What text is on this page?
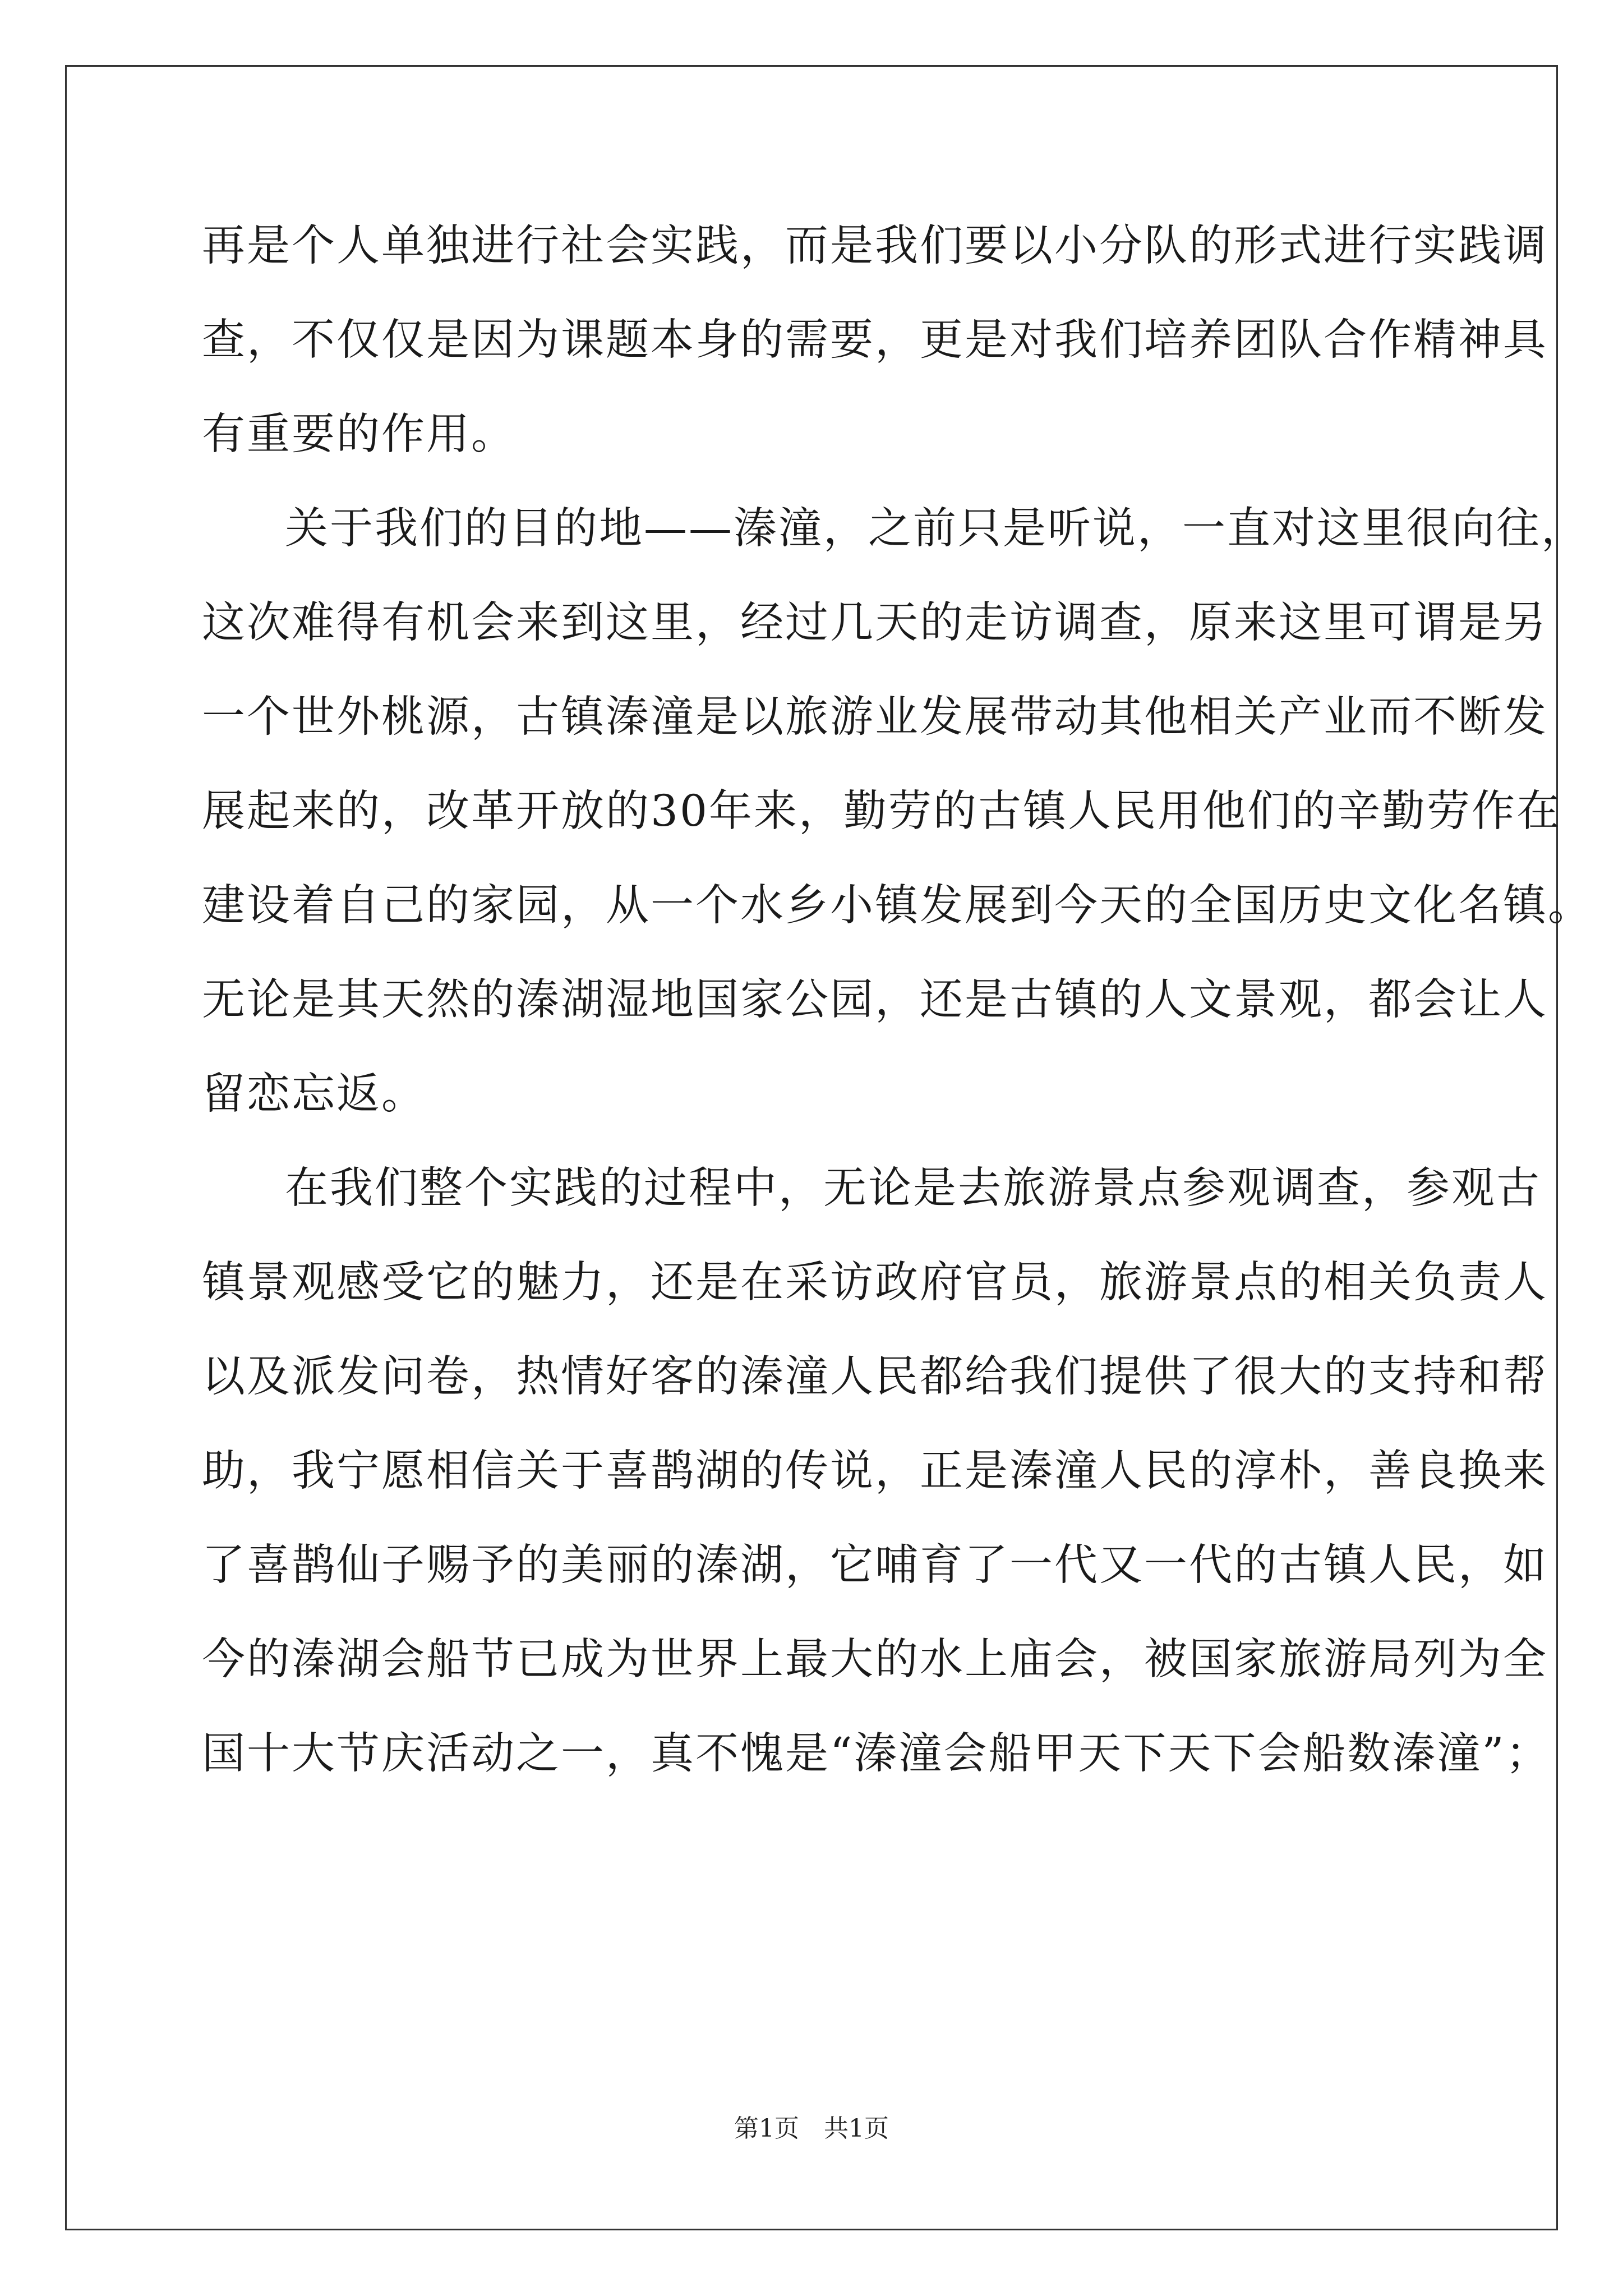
再是个人单独进行社会实践，而是我们要以小分队的形式进行实践调
查，不仅仅是因为课题本身的需要，更是对我们培养团队合作精神具
有重要的作用。
关于我们的目的地——溱潼，之前只是听说，一直对这里很向往，
这次难得有机会来到这里，经过几天的走访调查，原来这里可谓是另
一个世外桃源，古镇溱潼是以旅游业发展带动其他相关产业而不断发
展起来的，改革开放的30年来，勤劳的古镇人民用他们的辛勤劳作在
建设着自己的家园，从一个水乡小镇发展到今天的全国历史文化名镇。
无论是其天然的溱湖湿地国家公园，还是古镇的人文景观，都会让人
留恋忘返。
在我们整个实践的过程中，无论是去旅游景点参观调查，参观古
镇景观感受它的魅力，还是在采访政府官员，旅游景点的相关负责人
以及派发问卷，热情好客的溱潼人民都给我们提供了很大的支持和帮
助，我宁愿相信关于喜鹊湖的传说，正是溱潼人民的淳朴，善良换来
了喜鹊仙子赐予的美丽的溱湖，它哺育了一代又一代的古镇人民，如
今的溱湖会船节已成为世界上最大的水上庙会，被国家旅游局列为全
国十大节庆活动之一，真不愧是“溱潼会船甲天下天下会船数溱潼”；
第1页　共1页
